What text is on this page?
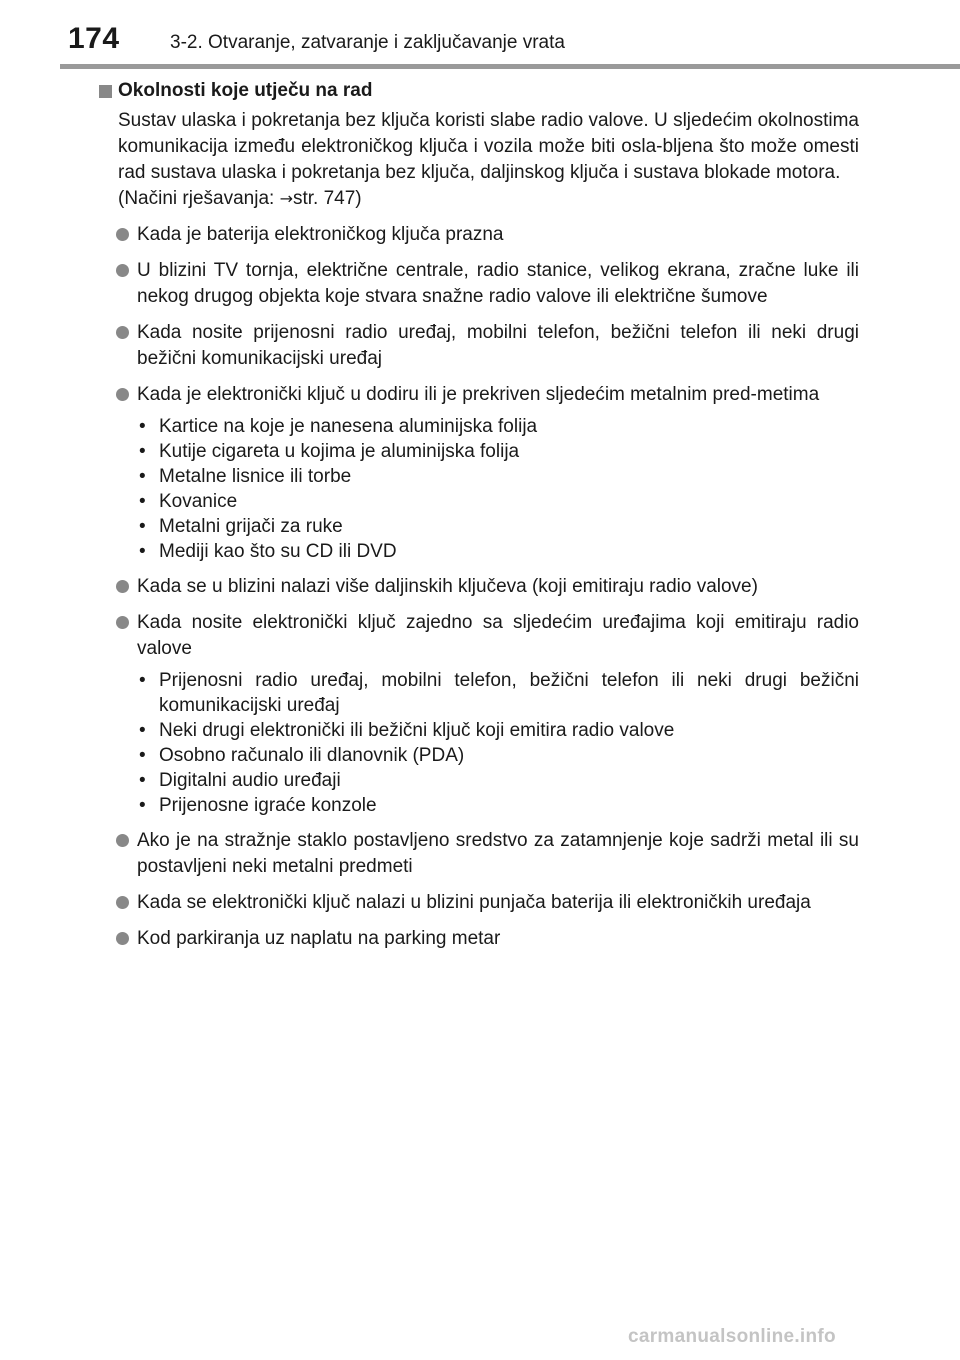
174	3-2. Otvaranje, zatvaranje i zaključavanje vrata
Okolnosti koje utječu na rad

Sustav ulaska i pokretanja bez ključa koristi slabe radio valove. U sljedećim okolnostima komunikacija između elektroničkog ključa i vozila može biti osla-bljena što može omesti rad sustava ulaska i pokretanja bez ključa, daljinskog ključa i sustava blokade motora.

(Načini rješavanja: →str. 747)

Kada je baterija elektroničkog ključa prazna
U blizini TV tornja, električne centrale, radio stanice, velikog ekrana, zračne luke ili nekog drugog objekta koje stvara snažne radio valove ili električne šumove
Kada nosite prijenosni radio uređaj, mobilni telefon, bežični telefon ili neki drugi bežični komunikacijski uređaj
Kada je elektronički ključ u dodiru ili je prekriven sljedećim metalnim pred-metima
• Kartice na koje je nanesena aluminijska folija
• Kutije cigareta u kojima je aluminijska folija
• Metalne lisnice ili torbe
• Kovanice
• Metalni grijači za ruke
• Mediji kao što su CD ili DVD
Kada se u blizini nalazi više daljinskih ključeva (koji emitiraju radio valove)
Kada nosite elektronički ključ zajedno sa sljedećim uređajima koji emitiraju radio valove
• Prijenosni radio uređaj, mobilni telefon, bežični telefon ili neki drugi bežični komunikacijski uređaj
• Neki drugi elektronički ili bežični ključ koji emitira radio valove
• Osobno računalo ili dlanovnik (PDA)
• Digitalni audio uređaji
• Prijenosne igraće konzole
Ako je na stražnje staklo postavljeno sredstvo za zatamnjenje koje sadrži metal ili su postavljeni neki metalni predmeti
Kada se elektronički ključ nalazi u blizini punjača baterija ili elektroničkih uređaja
Kod parkiranja uz naplatu na parking metar
carmanualsonline.info
